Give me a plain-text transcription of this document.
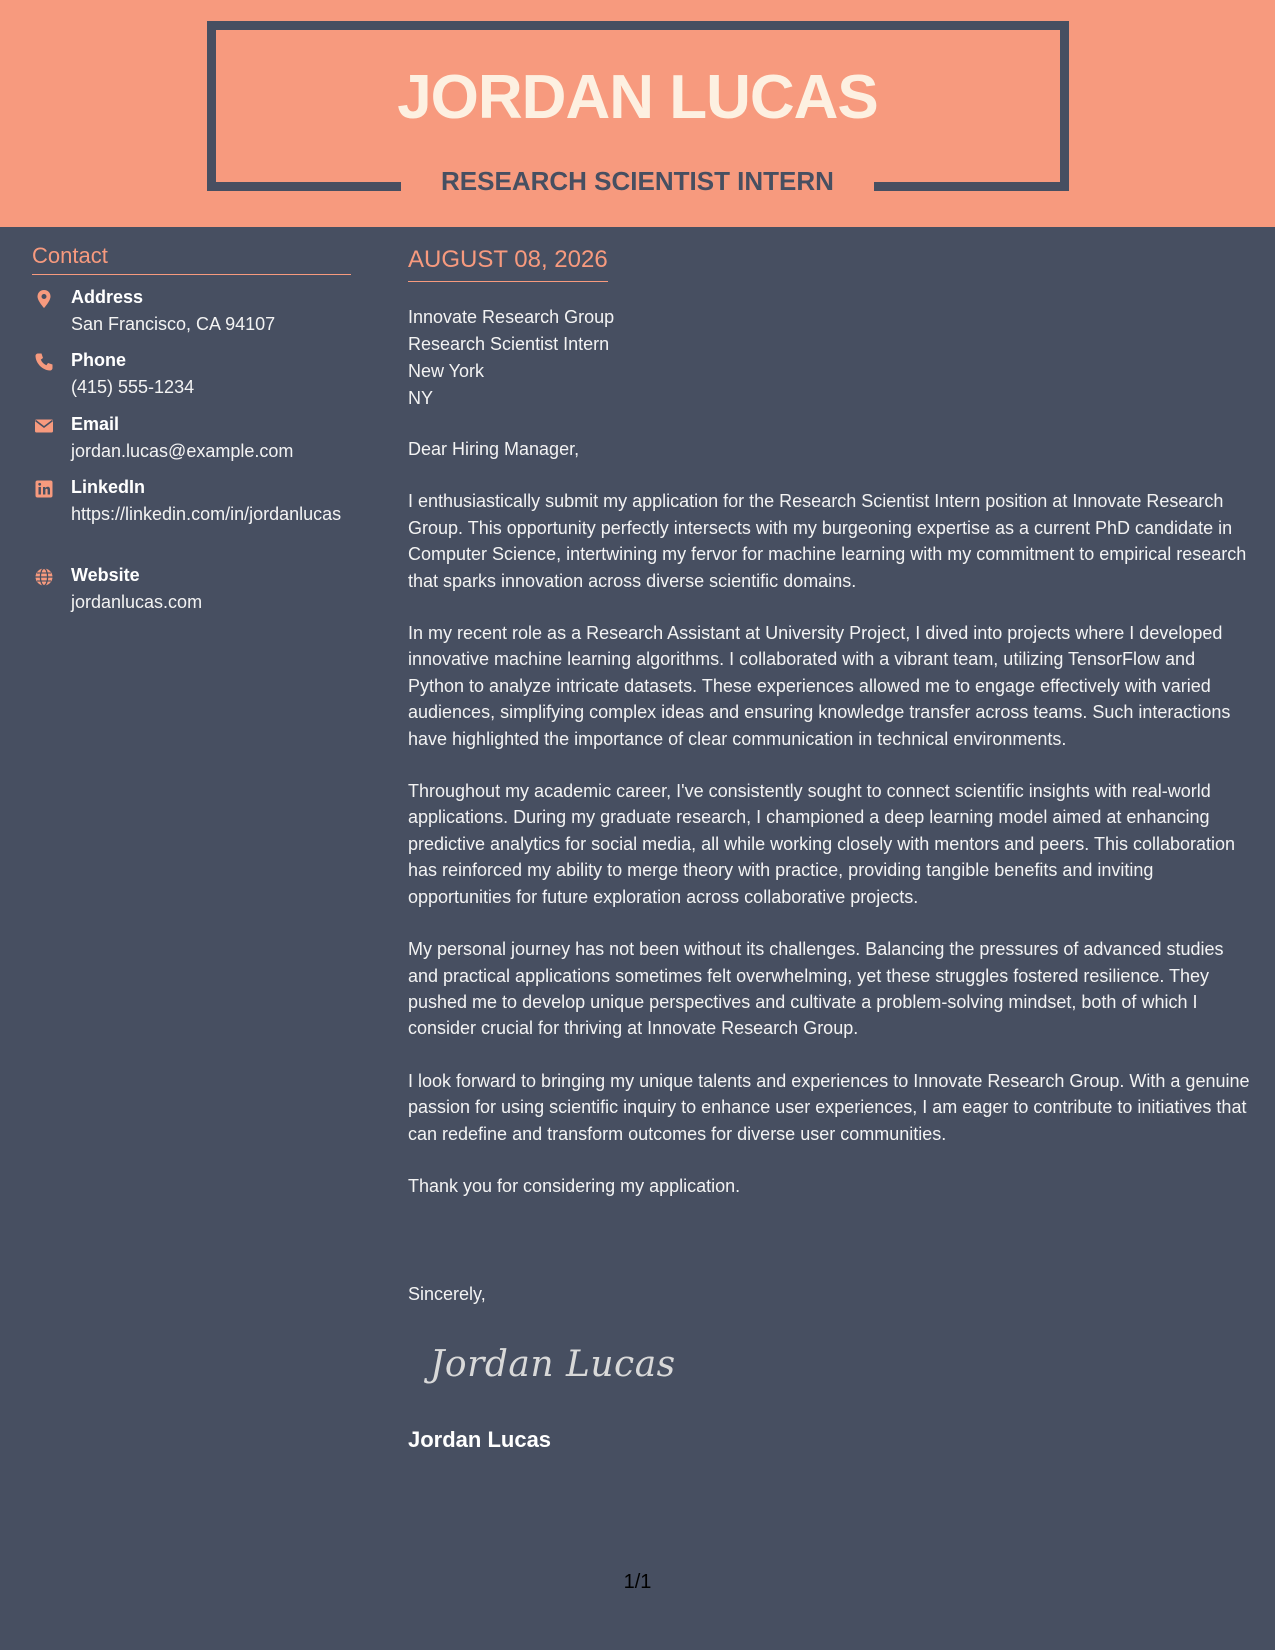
JORDAN LUCAS
RESEARCH SCIENTIST INTERN
Contact
Address
San Francisco, CA 94107
Phone
(415) 555-1234
Email
jordan.lucas@example.com
LinkedIn
https://linkedin.com/in/jordanlucas
Website
jordanlucas.com
AUGUST 08, 2026
Innovate Research Group
Research Scientist Intern
New York
NY

Dear Hiring Manager,

I enthusiastically submit my application for the Research Scientist Intern position at Innovate Research Group. This opportunity perfectly intersects with my burgeoning expertise as a current PhD candidate in Computer Science, intertwining my fervor for machine learning with my commitment to empirical research that sparks innovation across diverse scientific domains.

In my recent role as a Research Assistant at University Project, I dived into projects where I developed innovative machine learning algorithms. I collaborated with a vibrant team, utilizing TensorFlow and Python to analyze intricate datasets. These experiences allowed me to engage effectively with varied audiences, simplifying complex ideas and ensuring knowledge transfer across teams. Such interactions have highlighted the importance of clear communication in technical environments.

Throughout my academic career, I've consistently sought to connect scientific insights with real-world applications. During my graduate research, I championed a deep learning model aimed at enhancing predictive analytics for social media, all while working closely with mentors and peers. This collaboration has reinforced my ability to merge theory with practice, providing tangible benefits and inviting opportunities for future exploration across collaborative projects.

My personal journey has not been without its challenges. Balancing the pressures of advanced studies and practical applications sometimes felt overwhelming, yet these struggles fostered resilience. They pushed me to develop unique perspectives and cultivate a problem-solving mindset, both of which I consider crucial for thriving at Innovate Research Group.

I look forward to bringing my unique talents and experiences to Innovate Research Group. With a genuine passion for using scientific inquiry to enhance user experiences, I am eager to contribute to initiatives that can redefine and transform outcomes for diverse user communities.

Thank you for considering my application.

Sincerely,
Jordan Lucas
Jordan Lucas
1/1
